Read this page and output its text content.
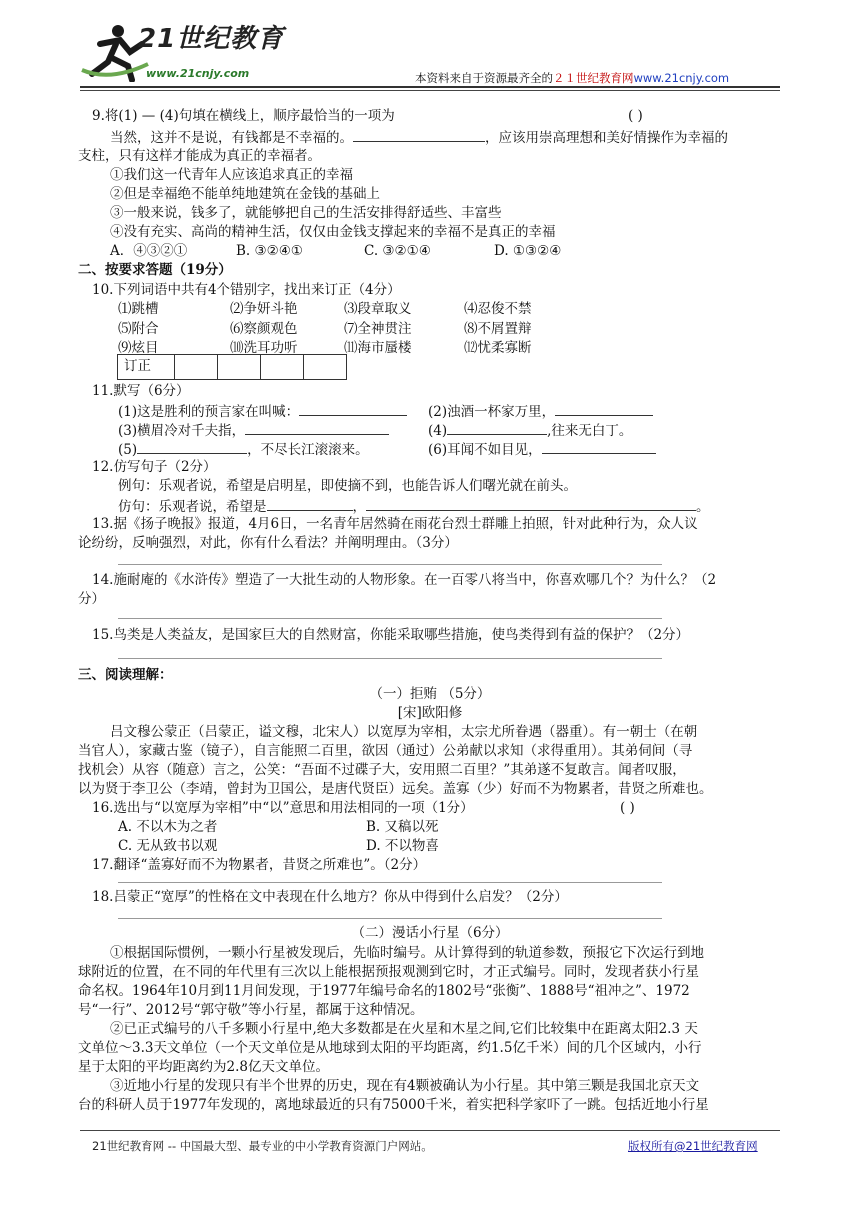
21世纪教育
www.21cnjy.com	本资料来自于资源最齐全的２１世纪教育网www.21cnjy.com
9.将(1) — (4)句填在横线上，顺序最恰当的一项为	( )
当然，这并不是说，有钱都是不幸福的。	，应该用崇高理想和美好情操作为幸福的
支柱，只有这样才能成为真正的幸福者。
①我们这一代青年人应该追求真正的幸福
②但是幸福绝不能单纯地建筑在金钱的基础上
③一般来说，钱多了，就能够把自己的生活安排得舒适些、丰富些
④没有充实、高尚的精神生活，仅仅由金钱支撑起来的幸福不是真正的幸福
A．④③②①	B. ③②④①	C. ③②①④	D. ①③②④
二、按要求答题（19分）
10.下列词语中共有4个错别字，找出来订正（4分）
⑴跳槽	⑵争妍斗艳	⑶段章取义	⑷忍俊不禁
⑸附合	⑹察颜观色	⑺全神贯注	⑻不屑置辩
⑼炫目	⑽洗耳功听	⑾海市蜃楼	⑿忧柔寡断
订正				
11.默写（6分）
(1)这是胜利的预言家在叫喊：	(2)浊酒一杯家万里，
(3)横眉冷对千夫指，	(4)	,往来无白丁。
(5)	，不尽长江滚滚来。	(6)耳闻不如目见，
12.仿写句子（2分）
例句：乐观者说，希望是启明星，即使摘不到，也能告诉人们曙光就在前头。
仿句：乐观者说，希望是	，	。
13.据《扬子晚报》报道，4月6日，一名青年居然骑在雨花台烈士群雕上拍照，针对此种行为，众人议
论纷纷，反响强烈，对此，你有什么看法？并阐明理由。（3分）
14.施耐庵的《水浒传》塑造了一大批生动的人物形象。在一百零八将当中，你喜欢哪几个？为什么？（2
分）
15.鸟类是人类益友，是国家巨大的自然财富，你能采取哪些措施，使鸟类得到有益的保护？（2分）
三、阅读理解：
（一）拒贿 （5分）
[宋]欧阳修
吕文穆公蒙正（吕蒙正，谥文穆，北宋人）以宽厚为宰相，太宗尤所眷遇（器重）。有一朝士（在朝
当官人），家藏古鉴（镜子），自言能照二百里，欲因（通过）公弟献以求知（求得重用）。其弟伺间（寻
找机会）从容（随意）言之，公笑：“吾面不过碟子大，安用照二百里？”其弟遂不复敢言。闻者叹服，
以为贤于李卫公（李靖，曾封为卫国公，是唐代贤臣）远矣。盖寡（少）好而不为物累者，昔贤之所难也。
16.选出与“以宽厚为宰相”中“以”意思和用法相同的一项（1分）	( )
A. 不以木为之者	B. 又稿以死
C. 无从致书以观	D. 不以物喜
17.翻译“盖寡好而不为物累者，昔贤之所难也”。（2分）
18.吕蒙正“宽厚”的性格在文中表现在什么地方？你从中得到什么启发？（2分）
（二）漫话小行星（6分）
①根据国际惯例，一颗小行星被发现后，先临时编号。从计算得到的轨道参数，预报它下次运行到地
球附近的位置，在不同的年代里有三次以上能根据预报观测到它时，才正式编号。同时，发现者获小行星
命名权。1964年10月到11月间发现，于1977年编号命名的1802号“张衡”、1888号“祖冲之”、1972
号“一行”、2012号“郭守敬”等小行星，都属于这种情况。
②已正式编号的八千多颗小行星中,绝大多数都是在火星和木星之间,它们比较集中在距离太阳2.3 天
文单位～3.3天文单位（一个天文单位是从地球到太阳的平均距离，约1.5亿千米）间的几个区域内，小行
星于太阳的平均距离约为2.8亿天文单位。
③近地小行星的发现只有半个世界的历史，现在有4颗被确认为小行星。其中第三颗是我国北京天文
台的科研人员于1977年发现的，离地球最近的只有75000千米，着实把科学家吓了一跳。包括近地小行星
21世纪教育网 -- 中国最大型、最专业的中小学教育资源门户网站。	版权所有@21世纪教育网
